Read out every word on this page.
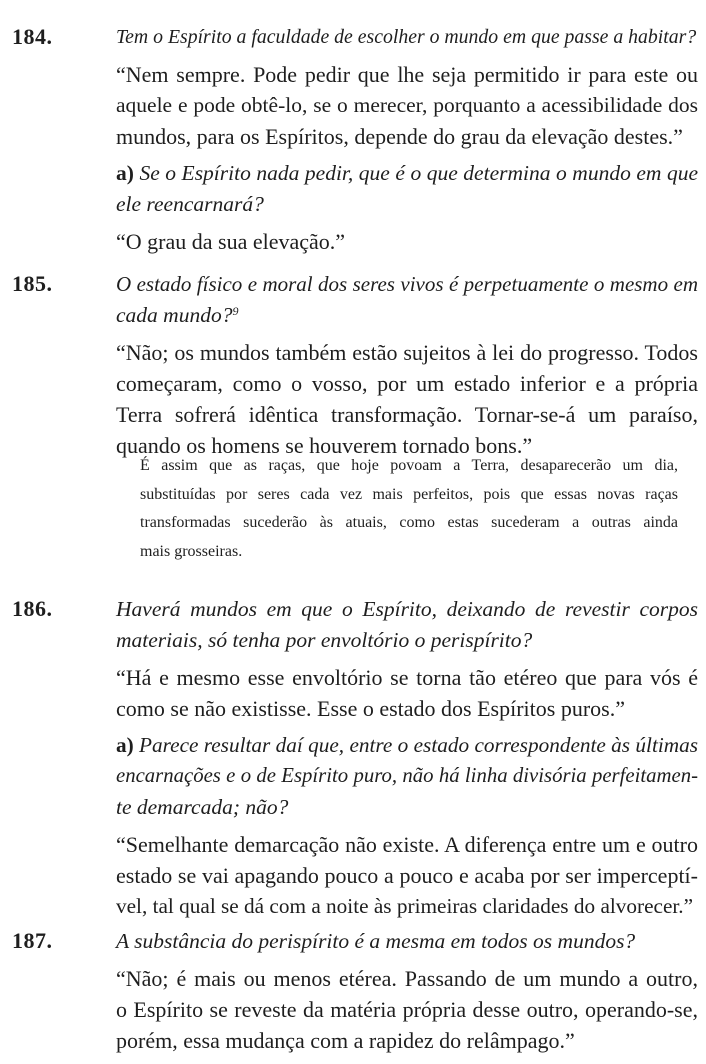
184.	Tem o Espírito a faculdade de escolher o mundo em que passe a habitar?
“Nem sempre. Pode pedir que lhe seja permitido ir para este ou
aquele e pode obtê-lo, se o merecer, porquanto a acessibilidade dos
mundos, para os Espíritos, depende do grau da elevação destes.”
a) Se o Espírito nada pedir, que é o que determina o mundo em que
ele reencarnará?
“O grau da sua elevação.”
185.	O estado físico e moral dos seres vivos é perpetuamente o mesmo em
cada mundo?$^9$
“Não; os mundos também estão sujeitos à lei do progresso. Todos
começaram, como o vosso, por um estado inferior e a própria
Terra sofrerá idêntica transformação. Tornar-se-á um paraíso,
quando os homens se houverem tornado bons.”
É assim que as raças, que hoje povoam a Terra, desaparecerão um dia,
substituídas por seres cada vez mais perfeitos, pois que essas novas raças
transformadas sucederão às atuais, como estas sucederam a outras ainda
mais grosseiras.
186.	Haverá mundos em que o Espírito, deixando de revestir corpos
materiais, só tenha por envoltório o perispírito?
“Há e mesmo esse envoltório se torna tão etéreo que para vós é
como se não existisse. Esse o estado dos Espíritos puros.”
a) Parece resultar daí que, entre o estado correspondente às últimas
encarnações e o de Espírito puro, não há linha divisória perfeitamen-
te demarcada; não?
“Semelhante demarcação não existe. A diferença entre um e outro
estado se vai apagando pouco a pouco e acaba por ser imperceptí-
vel, tal qual se dá com a noite às primeiras claridades do alvorecer.”
187.	A substância do perispírito é a mesma em todos os mundos?
“Não; é mais ou menos etérea. Passando de um mundo a outro,
o Espírito se reveste da matéria própria desse outro, operando-se,
porém, essa mudança com a rapidez do relâmpago.”
